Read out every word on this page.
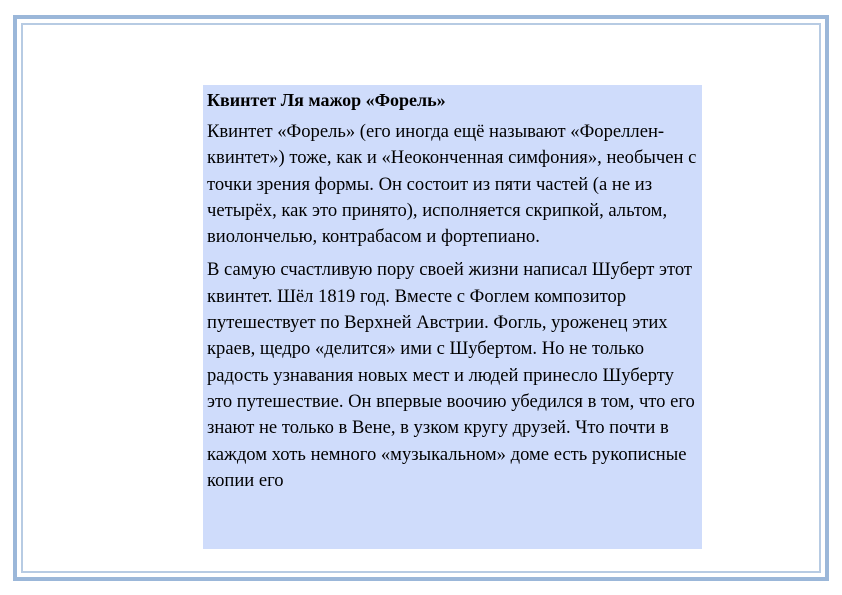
Квинтет Ля мажор «Форель»
Квинтет «Форель» (его иногда ещё называют «Фореллен-квинтет») тоже, как и «Неоконченная симфония», необычен с точки зрения формы. Он состоит из пяти частей (а не из четырёх, как это принято), исполняется скрипкой, альтом, виолончелью, контрабасом и фортепиано.
В самую счастливую пору своей жизни написал Шуберт этот квинтет. Шёл 1819 год. Вместе с Фоглем композитор путешествует по Верхней Австрии. Фогль, уроженец этих краев, щедро «делится» ими с Шубертом. Но не только радость узнавания новых мест и людей принесло Шуберту это путешествие. Он впервые воочию убедился в том, что его знают не только в Вене, в узком кругу друзей. Что почти в каждом хоть немного «музыкальном» доме есть рукописные копии его
